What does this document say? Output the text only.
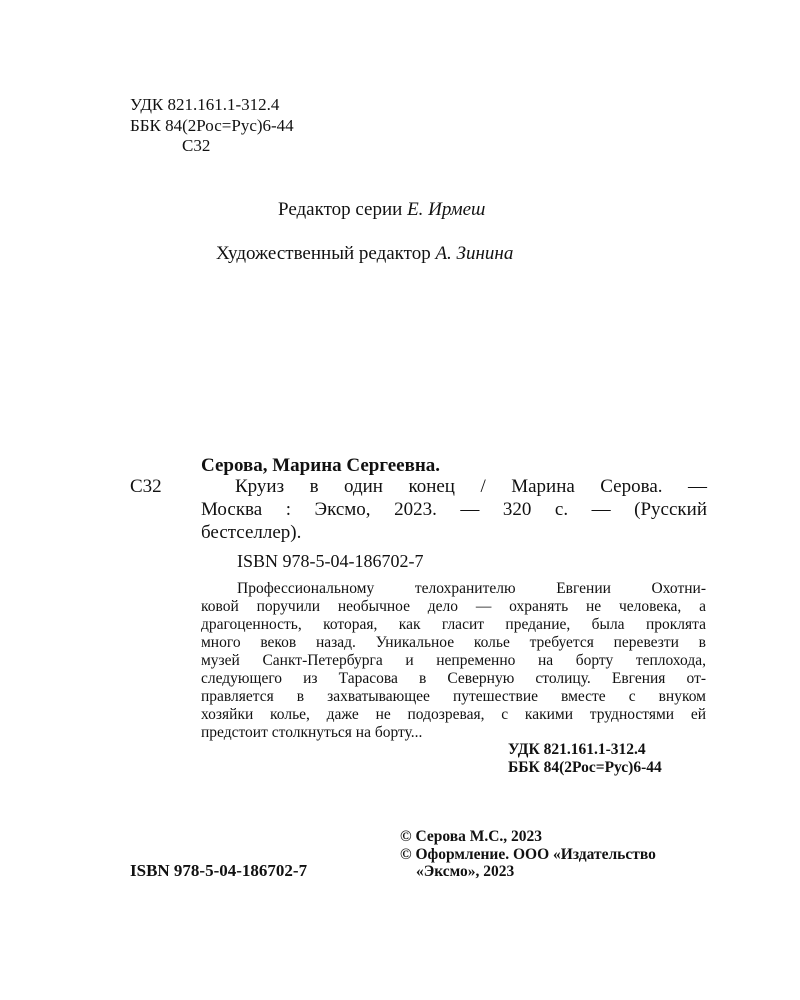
УДК 821.161.1-312.4
ББК 84(2Рос=Рус)6-44
С32
Редактор серии Е. Ирмеш
Художественный редактор А. Зинина
Серова, Марина Сергеевна.
С32	Круиз в один конец / Марина Серова. —
Москва : Эксмо, 2023. — 320 с. — (Русский
бестселлер).
ISBN 978-5-04-186702-7
Профессиональному телохранителю Евгении Охотни-
ковой поручили необычное дело — охранять не человека, а
драгоценность, которая, как гласит предание, была проклята
много веков назад. Уникальное колье требуется перевезти в
музей Санкт-Петербурга и непременно на борту теплохода,
следующего из Тарасова в Северную столицу. Евгения от-
правляется в захватывающее путешествие вместе с внуком
хозяйки колье, даже не подозревая, с какими трудностями ей
предстоит столкнуться на борту...
УДК 821.161.1-312.4
ББК 84(2Рос=Рус)6-44
© Серова М.С., 2023
© Оформление. ООО «Издательство
«Эксмо», 2023
ISBN 978-5-04-186702-7
